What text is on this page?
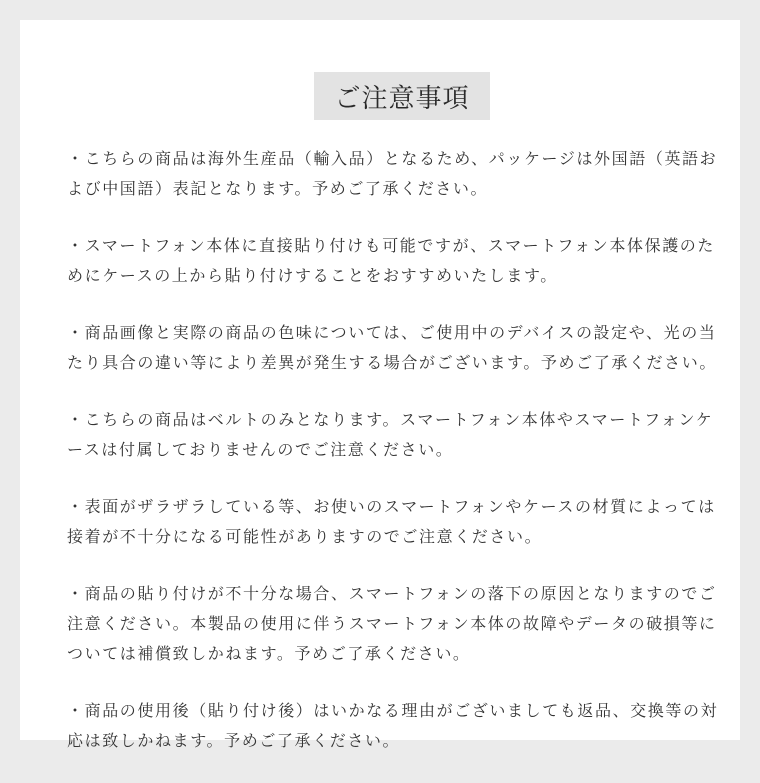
ご注意事項
・こちらの商品は海外生産品（輸入品）となるため、パッケージは外国語（英語お
よび中国語）表記となります。予めご了承ください。
・スマートフォン本体に直接貼り付けも可能ですが、スマートフォン本体保護のた
めにケースの上から貼り付けすることをおすすめいたします。
・商品画像と実際の商品の色味については、ご使用中のデバイスの設定や、光の当
たり具合の違い等により差異が発生する場合がございます。予めご了承ください。
・こちらの商品はベルトのみとなります。スマートフォン本体やスマートフォンケ
ースは付属しておりませんのでご注意ください。
・表面がザラザラしている等、お使いのスマートフォンやケースの材質によっては
接着が不十分になる可能性がありますのでご注意ください。
・商品の貼り付けが不十分な場合、スマートフォンの落下の原因となりますのでご
注意ください。本製品の使用に伴うスマートフォン本体の故障やデータの破損等に
ついては補償致しかねます。予めご了承ください。
・商品の使用後（貼り付け後）はいかなる理由がございましても返品、交換等の対
応は致しかねます。予めご了承ください。
